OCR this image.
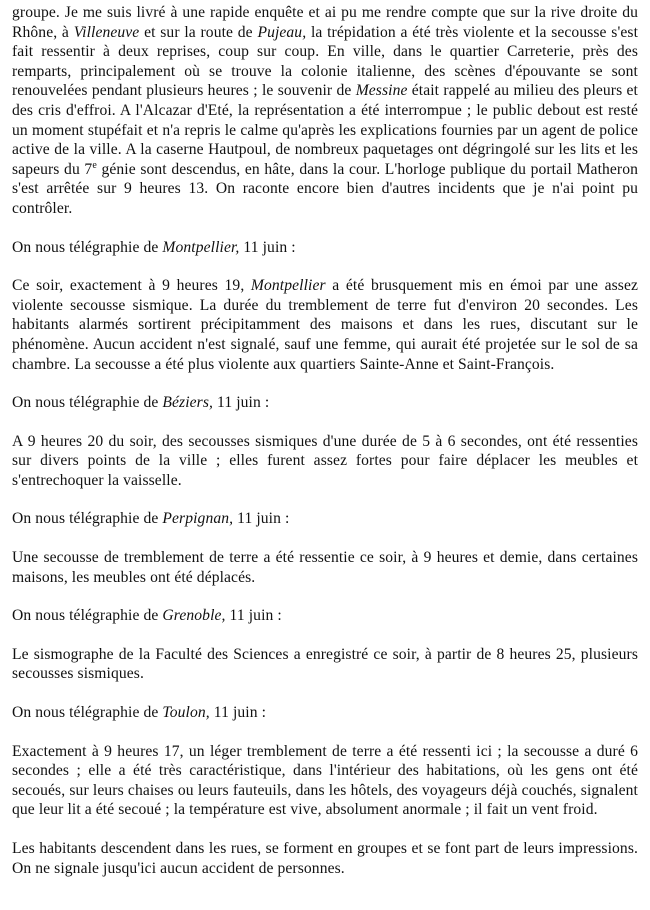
groupe. Je me suis livré à une rapide enquête et ai pu me rendre compte que sur la rive droite du Rhône, à Villeneuve et sur la route de Pujeau, la trépidation a été très violente et la secousse s'est fait ressentir à deux reprises, coup sur coup. En ville, dans le quartier Carreterie, près des remparts, principalement où se trouve la colonie italienne, des scènes d'épouvante se sont renouvelées pendant plusieurs heures ; le souvenir de Messine était rappelé au milieu des pleurs et des cris d'effroi. A l'Alcazar d'Eté, la représentation a été interrompue ; le public debout est resté un moment stupéfait et n'a repris le calme qu'après les explications fournies par un agent de police active de la ville. A la caserne Hautpoul, de nombreux paquetages ont dégringolé sur les lits et les sapeurs du 7e génie sont descendus, en hâte, dans la cour. L'horloge publique du portail Matheron s'est arrêtée sur 9 heures 13. On raconte encore bien d'autres incidents que je n'ai point pu contrôler.

On nous télégraphie de Montpellier, 11 juin :

Ce soir, exactement à 9 heures 19, Montpellier a été brusquement mis en émoi par une assez violente secousse sismique. La durée du tremblement de terre fut d'environ 20 secondes. Les habitants alarmés sortirent précipitamment des maisons et dans les rues, discutant sur le phénomène. Aucun accident n'est signalé, sauf une femme, qui aurait été projetée sur le sol de sa chambre. La secousse a été plus violente aux quartiers Sainte-Anne et Saint-François.

On nous télégraphie de Béziers, 11 juin :

A 9 heures 20 du soir, des secousses sismiques d'une durée de 5 à 6 secondes, ont été ressenties sur divers points de la ville ; elles furent assez fortes pour faire déplacer les meubles et s'entrechoquer la vaisselle.

On nous télégraphie de Perpignan, 11 juin :

Une secousse de tremblement de terre a été ressentie ce soir, à 9 heures et demie, dans certaines maisons, les meubles ont été déplacés.

On nous télégraphie de Grenoble, 11 juin :

Le sismographe de la Faculté des Sciences a enregistré ce soir, à partir de 8 heures 25, plusieurs secousses sismiques.

On nous télégraphie de Toulon, 11 juin :

Exactement à 9 heures 17, un léger tremblement de terre a été ressenti ici ; la secousse a duré 6 secondes ; elle a été très caractéristique, dans l'intérieur des habitations, où les gens ont été secoués, sur leurs chaises ou leurs fauteuils, dans les hôtels, des voyageurs déjà couchés, signalent que leur lit a été secoué ; la température est vive, absolument anormale ; il fait un vent froid.

Les habitants descendent dans les rues, se forment en groupes et se font part de leurs impressions. On ne signale jusqu'ici aucun accident de personnes.
